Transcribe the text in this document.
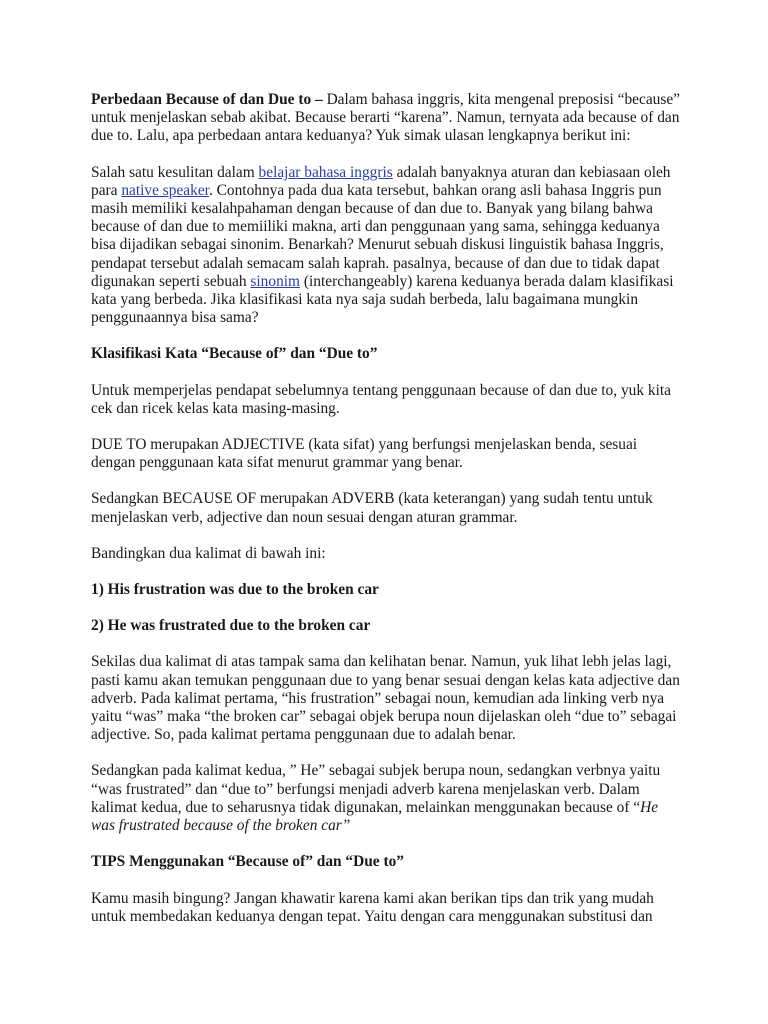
Perbedaan Because of dan Due to – Dalam bahasa inggris, kita mengenal preposisi “because” untuk menjelaskan sebab akibat. Because berarti “karena”. Namun, ternyata ada because of dan due to. Lalu, apa perbedaan antara keduanya? Yuk simak ulasan lengkapnya berikut ini:

Salah satu kesulitan dalam belajar bahasa inggris adalah banyaknya aturan dan kebiasaan oleh para native speaker. Contohnya pada dua kata tersebut, bahkan orang asli bahasa Inggris pun masih memiliki kesalahpahaman dengan because of dan due to. Banyak yang bilang bahwa because of dan due to memiiliki makna, arti dan penggunaan yang sama, sehingga keduanya bisa dijadikan sebagai sinonim. Benarkah? Menurut sebuah diskusi linguistik bahasa Inggris, pendapat tersebut adalah semacam salah kaprah. pasalnya, because of dan due to tidak dapat digunakan seperti sebuah sinonim (interchangeably) karena keduanya berada dalam klasifikasi kata yang berbeda. Jika klasifikasi kata nya saja sudah berbeda, lalu bagaimana mungkin penggunaannya bisa sama?

Klasifikasi Kata “Because of” dan “Due to”

Untuk memperjelas pendapat sebelumnya tentang penggunaan because of dan due to, yuk kita cek dan ricek kelas kata masing-masing.

DUE TO merupakan ADJECTIVE (kata sifat) yang berfungsi menjelaskan benda, sesuai dengan penggunaan kata sifat menurut grammar yang benar.

Sedangkan BECAUSE OF merupakan ADVERB (kata keterangan) yang sudah tentu untuk menjelaskan verb, adjective dan noun sesuai dengan aturan grammar.

Bandingkan dua kalimat di bawah ini:

1) His frustration was due to the broken car

2) He was frustrated due to the broken car

Sekilas dua kalimat di atas tampak sama dan kelihatan benar. Namun, yuk lihat lebh jelas lagi, pasti kamu akan temukan penggunaan due to yang benar sesuai dengan kelas kata adjective dan adverb. Pada kalimat pertama, “his frustration” sebagai noun, kemudian ada linking verb nya yaitu “was” maka “the broken car” sebagai objek berupa noun dijelaskan oleh “due to” sebagai adjective. So, pada kalimat pertama penggunaan due to adalah benar.

Sedangkan pada kalimat kedua, ” He” sebagai subjek berupa noun, sedangkan verbnya yaitu “was frustrated” dan “due to” berfungsi menjadi adverb karena menjelaskan verb. Dalam kalimat kedua, due to seharusnya tidak digunakan, melainkan menggunakan because of “He was frustrated because of the broken car”

TIPS Menggunakan “Because of” dan “Due to”

Kamu masih bingung? Jangan khawatir karena kami akan berikan tips dan trik yang mudah untuk membedakan keduanya dengan tepat. Yaitu dengan cara menggunakan substitusi dan
